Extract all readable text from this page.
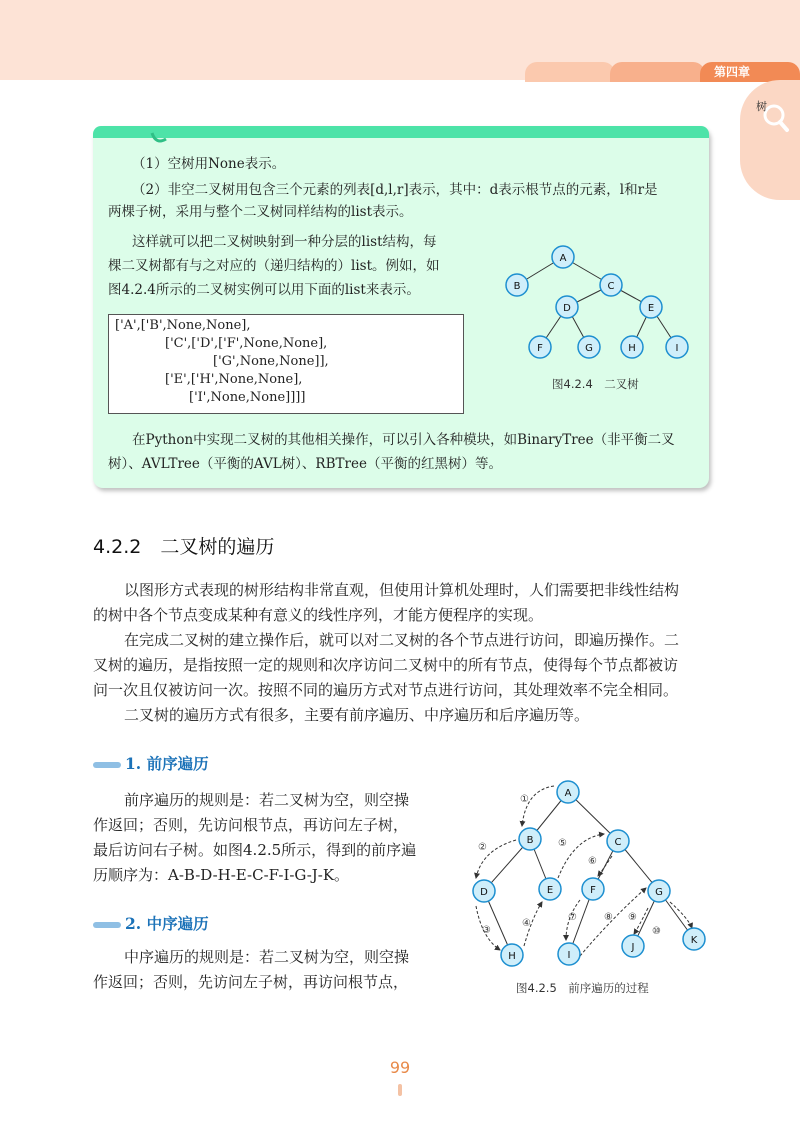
第四章
树
（1）空树用None表示。
（2）非空二叉树用包含三个元素的列表[d,l,r]表示，其中：d表示根节点的元素，l和r是
两棵子树，采用与整个二叉树同样结构的list表示。
这样就可以把二叉树映射到一种分层的list结构，每
棵二叉树都有与之对应的（递归结构的）list。例如，如
图4.2.4所示的二叉树实例可以用下面的list来表示。
['A',['B',None,None],
['C',['D',['F',None,None],
['G',None,None]],
['E',['H',None,None],
['I',None,None]]]]
A
B	C
D	E
F	G	H	I
图4.2.4　二叉树
在Python中实现二叉树的其他相关操作，可以引入各种模块，如BinaryTree（非平衡二叉
树）、AVLTree（平衡的AVL树）、RBTree（平衡的红黑树）等。
4.2.2　二叉树的遍历
以图形方式表现的树形结构非常直观，但使用计算机处理时，人们需要把非线性结构
的树中各个节点变成某种有意义的线性序列，才能方便程序的实现。
在完成二叉树的建立操作后，就可以对二叉树的各个节点进行访问，即遍历操作。二
叉树的遍历，是指按照一定的规则和次序访问二叉树中的所有节点，使得每个节点都被访
问一次且仅被访问一次。按照不同的遍历方式对节点进行访问，其处理效率不完全相同。
二叉树的遍历方式有很多，主要有前序遍历、中序遍历和后序遍历等。
1. 前序遍历
前序遍历的规则是：若二叉树为空，则空操
作返回；否则，先访问根节点，再访问左子树，
最后访问右子树。如图4.2.5所示，得到的前序遍
历顺序为：A-B-D-H-E-C-F-I-G-J-K。
2. 中序遍历
中序遍历的规则是：若二叉树为空，则空操
作返回；否则，先访问左子树，再访问根节点，
A
B	C
D	E	F	G
H	I
J
K
①
②
③
④
⑤
⑥
⑦	⑧ ⑨
⑩
图4.2.5　前序遍历的过程
99
